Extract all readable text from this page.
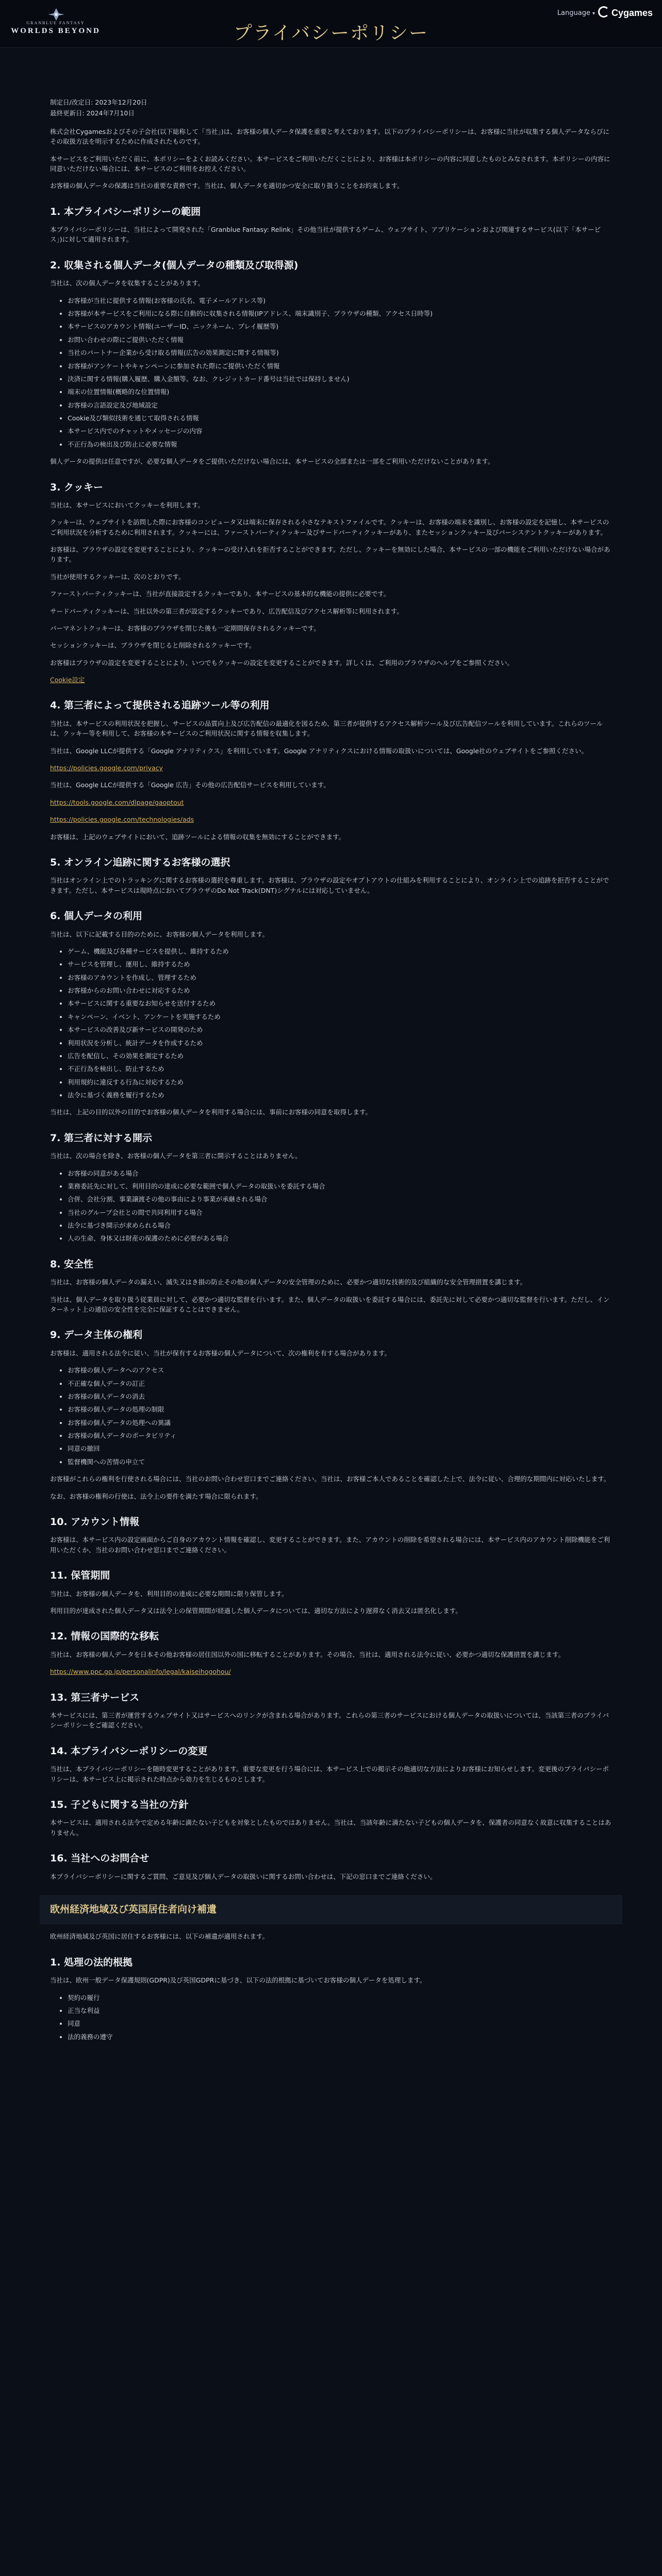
GRANBLUE FANTASY
WORLDS BEYOND	プライバシーポリシー
Language ▾	Cygames
制定日/改定日: 2023年12月20日
最終更新日: 2024年7月10日

株式会社Cygamesおよびその子会社(以下総称して「当社」)は、お客様の個人データ保護を重要と考えております。以下のプライバシーポリシーは、お客様に当社が収集する個人データならびにその取扱方法を明示するために作成されたものです。

本サービスをご利用いただく前に、本ポリシーをよくお読みください。本サービスをご利用いただくことにより、お客様は本ポリシーの内容に同意したものとみなされます。本ポリシーの内容に同意いただけない場合には、本サービスのご利用をお控えください。

お客様の個人データの保護は当社の重要な責務です。当社は、個人データを適切かつ安全に取り扱うことをお約束します。

1. 本プライバシーポリシーの範囲

本プライバシーポリシーは、当社によって開発された「Granblue Fantasy: Relink」その他当社が提供するゲーム、ウェブサイト、アプリケーションおよび関連するサービス(以下「本サービス」)に対して適用されます。

2. 収集される個人データ(個人データの種類及び取得源)

当社は、次の個人データを収集することがあります。

• お客様が当社に提供する情報(お客様の氏名、電子メールアドレス等)
• お客様が本サービスをご利用になる際に自動的に収集される情報(IPアドレス、端末識別子、ブラウザの種類、アクセス日時等)
• 本サービスのアカウント情報(ユーザーID、ニックネーム、プレイ履歴等)
• お問い合わせの際にご提供いただく情報
• 当社のパートナー企業から受け取る情報(広告の効果測定に関する情報等)
• お客様がアンケートやキャンペーンに参加された際にご提供いただく情報
• 決済に関する情報(購入履歴、購入金額等。なお、クレジットカード番号は当社では保持しません)
• 端末の位置情報(概略的な位置情報)
• お客様の言語設定及び地域設定
• Cookie及び類似技術を通じて取得される情報
• 本サービス内でのチャットやメッセージの内容
• 不正行為の検出及び防止に必要な情報

個人データの提供は任意ですが、必要な個人データをご提供いただけない場合には、本サービスの全部または一部をご利用いただけないことがあります。

3. クッキー

当社は、本サービスにおいてクッキーを利用します。

クッキーは、ウェブサイトを訪問した際にお客様のコンピュータ又は端末に保存される小さなテキストファイルです。クッキーは、お客様の端末を識別し、お客様の設定を記憶し、本サービスのご利用状況を分析するために利用されます。クッキーには、ファーストパーティクッキー及びサードパーティクッキーがあり、またセッションクッキー及びパーシステントクッキーがあります。

お客様は、ブラウザの設定を変更することにより、クッキーの受け入れを拒否することができます。ただし、クッキーを無効にした場合、本サービスの一部の機能をご利用いただけない場合があります。

当社が使用するクッキーは、次のとおりです。

ファーストパーティクッキーは、当社が直接設定するクッキーであり、本サービスの基本的な機能の提供に必要です。

サードパーティクッキーは、当社以外の第三者が設定するクッキーであり、広告配信及びアクセス解析等に利用されます。

パーマネントクッキーは、お客様のブラウザを閉じた後も一定期間保存されるクッキーです。

セッションクッキーは、ブラウザを閉じると削除されるクッキーです。

お客様はブラウザの設定を変更することにより、いつでもクッキーの設定を変更することができます。詳しくは、ご利用のブラウザのヘルプをご参照ください。

Cookie設定

4. 第三者によって提供される追跡ツール等の利用

当社は、本サービスの利用状況を把握し、サービスの品質向上及び広告配信の最適化を図るため、第三者が提供するアクセス解析ツール及び広告配信ツールを利用しています。これらのツールは、クッキー等を利用して、お客様の本サービスのご利用状況に関する情報を収集します。

当社は、Google LLCが提供する「Google アナリティクス」を利用しています。Google アナリティクスにおける情報の取扱いについては、Google社のウェブサイトをご参照ください。

https://policies.google.com/privacy

当社は、Google LLCが提供する「Google 広告」その他の広告配信サービスを利用しています。

https://tools.google.com/dlpage/gaoptout

https://policies.google.com/technologies/ads

お客様は、上記のウェブサイトにおいて、追跡ツールによる情報の収集を無効にすることができます。

5. オンライン追跡に関するお客様の選択

当社はオンライン上でのトラッキングに関するお客様の選択を尊重します。お客様は、ブラウザの設定やオプトアウトの仕組みを利用することにより、オンライン上での追跡を拒否することができます。ただし、本サービスは現時点においてブラウザのDo Not Track(DNT)シグナルには対応していません。

6. 個人データの利用

当社は、以下に記載する目的のために、お客様の個人データを利用します。

• ゲーム、機能及び各種サービスを提供し、維持するため
• サービスを管理し、運用し、維持するため
• お客様のアカウントを作成し、管理するため
• お客様からのお問い合わせに対応するため
• 本サービスに関する重要なお知らせを送付するため
• キャンペーン、イベント、アンケートを実施するため
• 本サービスの改善及び新サービスの開発のため
• 利用状況を分析し、統計データを作成するため
• 広告を配信し、その効果を測定するため
• 不正行為を検出し、防止するため
• 利用規約に違反する行為に対応するため
• 法令に基づく義務を履行するため

当社は、上記の目的以外の目的でお客様の個人データを利用する場合には、事前にお客様の同意を取得します。

7. 第三者に対する開示

当社は、次の場合を除き、お客様の個人データを第三者に開示することはありません。

• お客様の同意がある場合
• 業務委託先に対して、利用目的の達成に必要な範囲で個人データの取扱いを委託する場合
• 合併、会社分割、事業譲渡その他の事由により事業が承継される場合
• 当社のグループ会社との間で共同利用する場合
• 法令に基づき開示が求められる場合
• 人の生命、身体又は財産の保護のために必要がある場合
8. 安全性

当社は、お客様の個人データの漏えい、滅失又はき損の防止その他の個人データの安全管理のために、必要かつ適切な技術的及び組織的な安全管理措置を講じます。

当社は、個人データを取り扱う従業員に対して、必要かつ適切な監督を行います。また、個人データの取扱いを委託する場合には、委託先に対して必要かつ適切な監督を行います。ただし、インターネット上の通信の安全性を完全に保証することはできません。

9. データ主体の権利

お客様は、適用される法令に従い、当社が保有するお客様の個人データについて、次の権利を有する場合があります。

• お客様の個人データへのアクセス
• 不正確な個人データの訂正
• お客様の個人データの消去
• お客様の個人データの処理の制限
• お客様の個人データの処理への異議
• お客様の個人データのポータビリティ
• 同意の撤回
• 監督機関への苦情の申立て

お客様がこれらの権利を行使される場合には、当社のお問い合わせ窓口までご連絡ください。当社は、お客様ご本人であることを確認した上で、法令に従い、合理的な期間内に対応いたします。

なお、お客様の権利の行使は、法令上の要件を満たす場合に限られます。

10. アカウント情報

お客様は、本サービス内の設定画面からご自身のアカウント情報を確認し、変更することができます。また、アカウントの削除を希望される場合には、本サービス内のアカウント削除機能をご利用いただくか、当社のお問い合わせ窓口までご連絡ください。

11. 保管期間

当社は、お客様の個人データを、利用目的の達成に必要な期間に限り保管します。

利用目的が達成された個人データ又は法令上の保管期間が経過した個人データについては、適切な方法により遅滞なく消去又は匿名化します。

12. 情報の国際的な移転

当社は、お客様の個人データを日本その他お客様の居住国以外の国に移転することがあります。その場合、当社は、適用される法令に従い、必要かつ適切な保護措置を講じます。

https://www.ppc.go.jp/personalinfo/legal/kaiseihogohou/

13. 第三者サービス

本サービスには、第三者が運営するウェブサイト又はサービスへのリンクが含まれる場合があります。これらの第三者のサービスにおける個人データの取扱いについては、当該第三者のプライバシーポリシーをご確認ください。

14. 本プライバシーポリシーの変更

当社は、本プライバシーポリシーを随時変更することがあります。重要な変更を行う場合には、本サービス上での掲示その他適切な方法によりお客様にお知らせします。変更後のプライバシーポリシーは、本サービス上に掲示された時点から効力を生じるものとします。

15. 子どもに関する当社の方針

本サービスは、適用される法令で定める年齢に満たない子どもを対象としたものではありません。当社は、当該年齢に満たない子どもの個人データを、保護者の同意なく故意に収集することはありません。

16. 当社へのお問合せ

本プライバシーポリシーに関するご質問、ご意見及び個人データの取扱いに関するお問い合わせは、下記の窓口までご連絡ください。

欧州経済地域及び英国居住者向け補遺

欧州経済地域及び英国に居住するお客様には、以下の補遺が適用されます。

1. 処理の法的根拠

当社は、欧州一般データ保護規則(GDPR)及び英国GDPRに基づき、以下の法的根拠に基づいてお客様の個人データを処理します。

• 契約の履行
• 正当な利益
• 同意
• 法的義務の遵守
